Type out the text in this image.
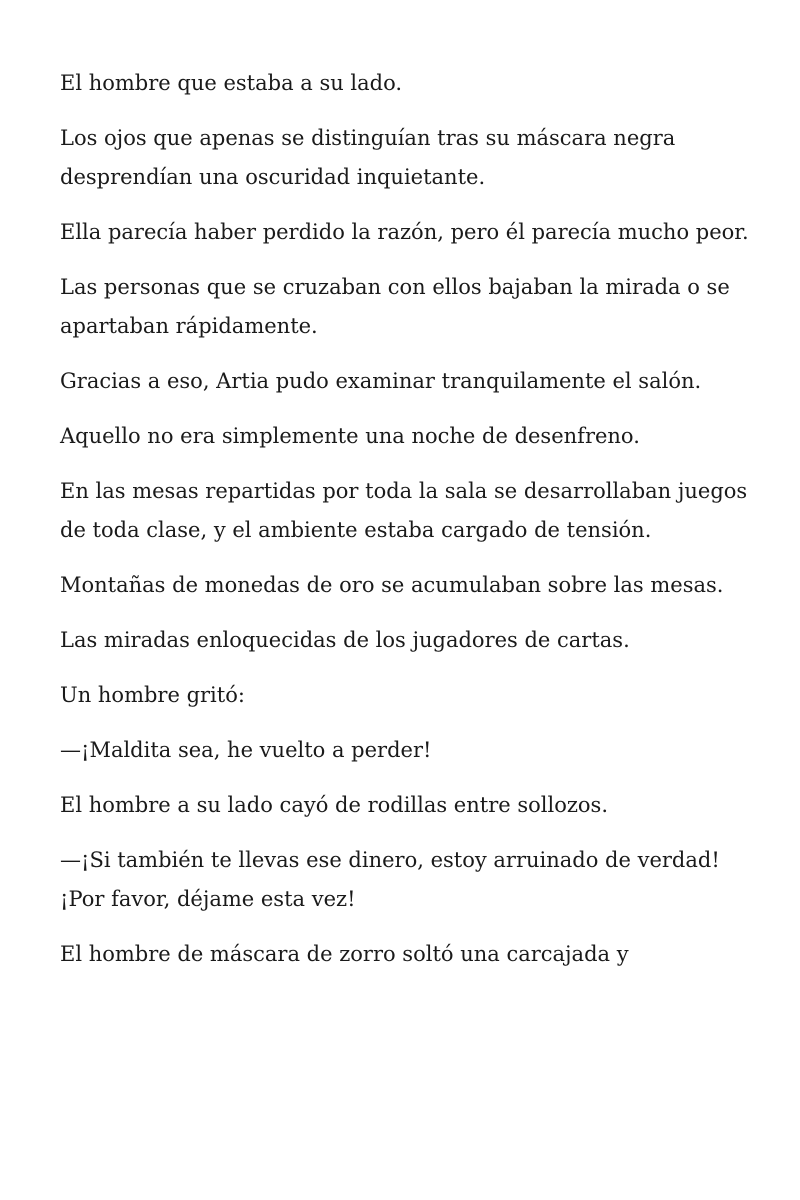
El hombre que estaba a su lado.

Los ojos que apenas se distinguían tras su máscara negra desprendían una oscuridad inquietante.

Ella parecía haber perdido la razón, pero él parecía mucho peor.

Las personas que se cruzaban con ellos bajaban la mirada o se apartaban rápidamente.

Gracias a eso, Artia pudo examinar tranquilamente el salón.

Aquello no era simplemente una noche de desenfreno.

En las mesas repartidas por toda la sala se desarrollaban juegos  de toda clase, y el ambiente estaba cargado de tensión.

Montañas de monedas de oro se acumulaban sobre las mesas.

Las miradas enloquecidas de los jugadores de cartas.

Un hombre gritó:

—¡Maldita sea, he vuelto a perder!

El hombre a su lado cayó de rodillas entre sollozos.

—¡Si también te llevas ese dinero, estoy arruinado de verdad! ¡Por favor, déjame esta vez!

El hombre de máscara de zorro soltó una carcajada y
